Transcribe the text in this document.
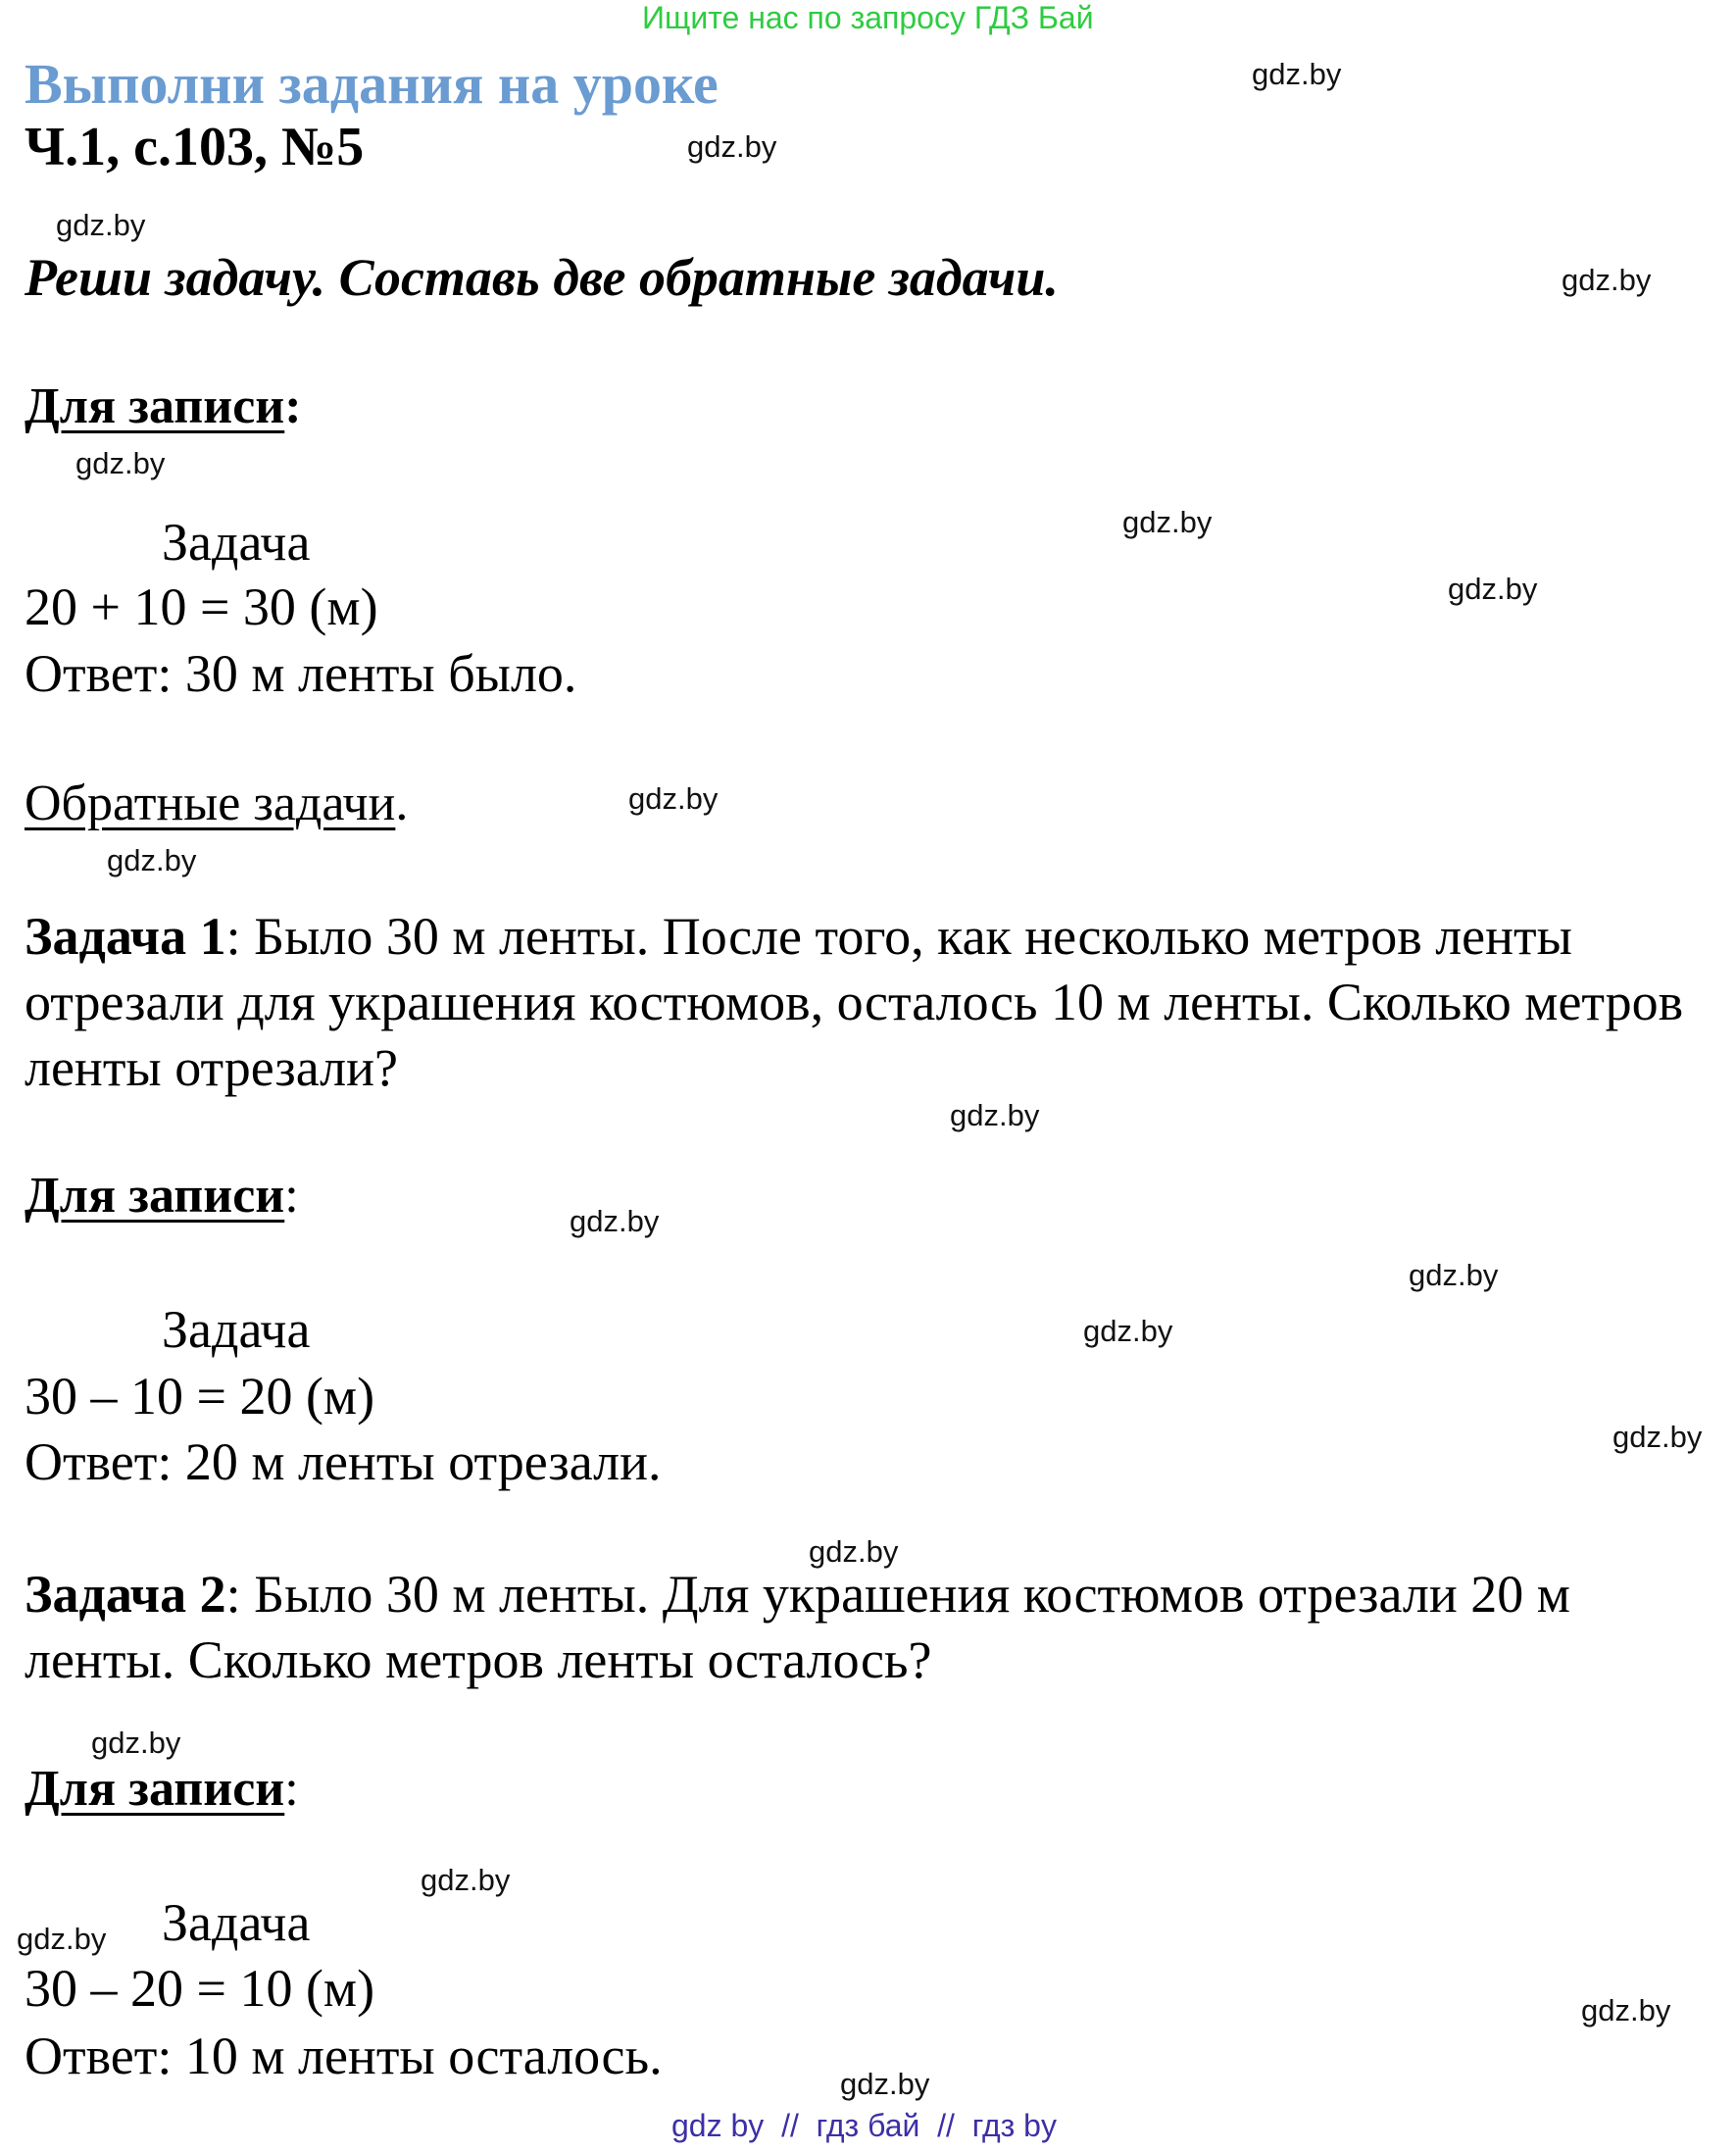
Ищите нас по запросу ГДЗ Бай
Выполни задания на уроке
Ч.1, с.103, №5
Реши задачу. Составь две обратные задачи.
Для записи:
Задача
20 + 10 = 30 (м)
Ответ: 30 м ленты было.
Обратные задачи.
Задача 1: Было 30 м ленты. После того, как несколько метров ленты отрезали для украшения костюмов, осталось 10 м ленты. Сколько метров ленты отрезали?
Для записи:
Задача
30 – 10 = 20 (м)
Ответ: 20 м ленты отрезали.
Задача 2: Было 30 м ленты. Для украшения костюмов отрезали 20 м ленты. Сколько метров ленты осталось?
Для записи:
Задача
30 – 20 = 10 (м)
Ответ: 10 м ленты осталось.
gdz.by
gdz.by
gdz.by
gdz.by
gdz.by
gdz.by
gdz.by
gdz.by
gdz.by
gdz.by
gdz.by
gdz.by
gdz.by
gdz.by
gdz.by
gdz.by
gdz.by
gdz.by
gdz.by
gdz.by
gdz by  //  гдз бай  //  гдз by
